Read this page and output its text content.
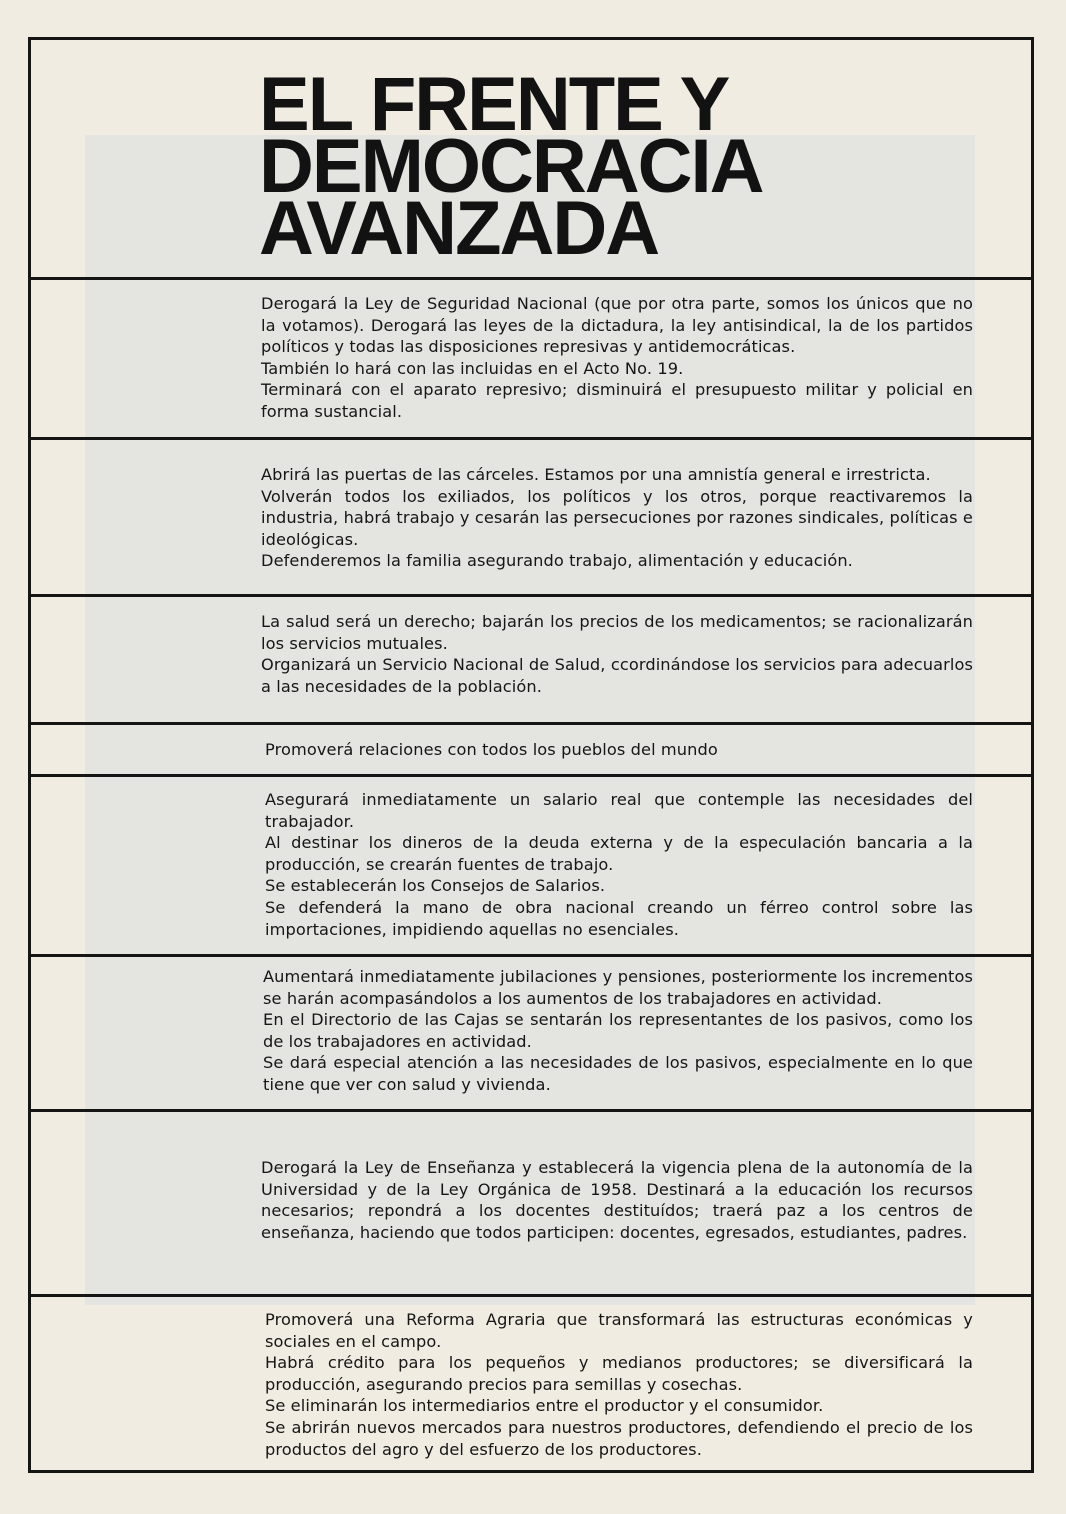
EL FRENTE Y
DEMOCRACIA
AVANZADA

Derogará la Ley de Seguridad Nacional (que por otra parte, somos los únicos que no la votamos). Derogará las leyes de la dictadura, la ley antisindical, la de los partidos políticos y todas las disposiciones represivas y antidemocráticas.
También lo hará con las incluidas en el Acto No. 19.
Terminará con el aparato represivo; disminuirá el presupuesto militar y policial en forma sustancial.

Abrirá las puertas de las cárceles. Estamos por una amnistía general e irrestricta.
Volverán todos los exiliados, los políticos y los otros, porque reactivaremos la industria, habrá trabajo y cesarán las persecuciones por razones sindicales, políticas e ideológicas.
Defenderemos la familia asegurando trabajo, alimentación y educación.

La salud será un derecho; bajarán los precios de los medicamentos; se racionalizarán los servicios mutuales.
Organizará un Servicio Nacional de Salud, ccordinándose los servicios para adecuarlos a las necesidades de la población.

Promoverá relaciones con todos los pueblos del mundo

Asegurará inmediatamente un salario real que contemple las necesidades del trabajador.
Al destinar los dineros de la deuda externa y de la especulación bancaria a la producción, se crearán fuentes de trabajo.
Se establecerán los Consejos de Salarios.
Se defenderá la mano de obra nacional creando un férreo control sobre las importaciones, impidiendo aquellas no esenciales.

Aumentará inmediatamente jubilaciones y pensiones, posteriormente los incrementos se harán acompasándolos a los aumentos de los trabajadores en actividad.
En el Directorio de las Cajas se sentarán los representantes de los pasivos, como los de los trabajadores en actividad.
Se dará especial atención a las necesidades de los pasivos, especialmente en lo que tiene que ver con salud y vivienda.

Derogará la Ley de Enseñanza y establecerá la vigencia plena de la autonomía de la Universidad y de la Ley Orgánica de 1958. Destinará a la educación los recursos necesarios; repondrá a los docentes destituídos; traerá paz a los centros de enseñanza, haciendo que todos participen: docentes, egresados, estudiantes, padres.

Promoverá una Reforma Agraria que transformará las estructuras económicas y sociales en el campo.
Habrá crédito para los pequeños y medianos productores; se diversificará la producción, asegurando precios para semillas y cosechas.
Se eliminarán los intermediarios entre el productor y el consumidor.
Se abrirán nuevos mercados para nuestros productores, defendiendo el precio de los productos del agro y del esfuerzo de los productores.
